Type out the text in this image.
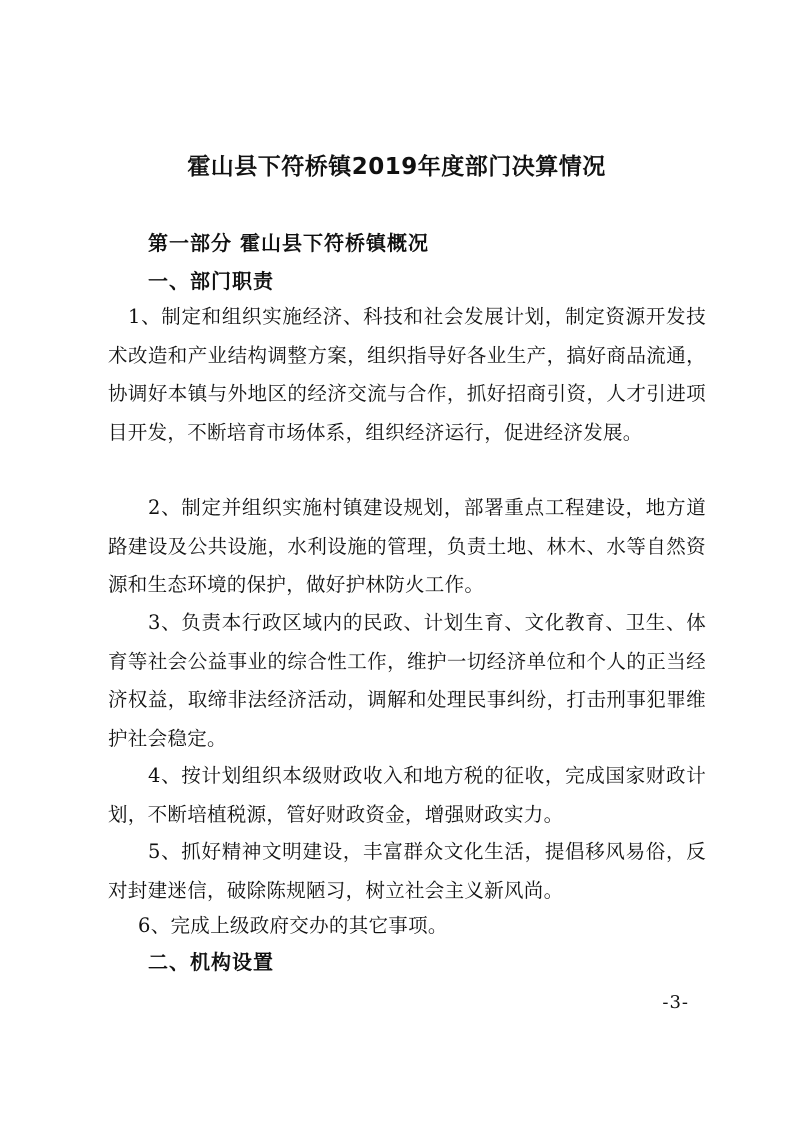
霍山县下符桥镇2019年度部门决算情况
第一部分 霍山县下符桥镇概况
一、部门职责

1、制定和组织实施经济、科技和社会发展计划，制定资源开发技术改造和产业结构调整方案，组织指导好各业生产，搞好商品流通，协调好本镇与外地区的经济交流与合作，抓好招商引资，人才引进项目开发，不断培育市场体系，组织经济运行，促进经济发展。

2、制定并组织实施村镇建设规划，部署重点工程建设，地方道路建设及公共设施，水利设施的管理，负责土地、林木、水等自然资源和生态环境的保护，做好护林防火工作。

3、负责本行政区域内的民政、计划生育、文化教育、卫生、体育等社会公益事业的综合性工作，维护一切经济单位和个人的正当经济权益，取缔非法经济活动，调解和处理民事纠纷，打击刑事犯罪维护社会稳定。

4、按计划组织本级财政收入和地方税的征收，完成国家财政计划，不断培植税源，管好财政资金，增强财政实力。

5、抓好精神文明建设，丰富群众文化生活，提倡移风易俗，反对封建迷信，破除陈规陋习，树立社会主义新风尚。

6、完成上级政府交办的其它事项。

二、机构设置
-3-
